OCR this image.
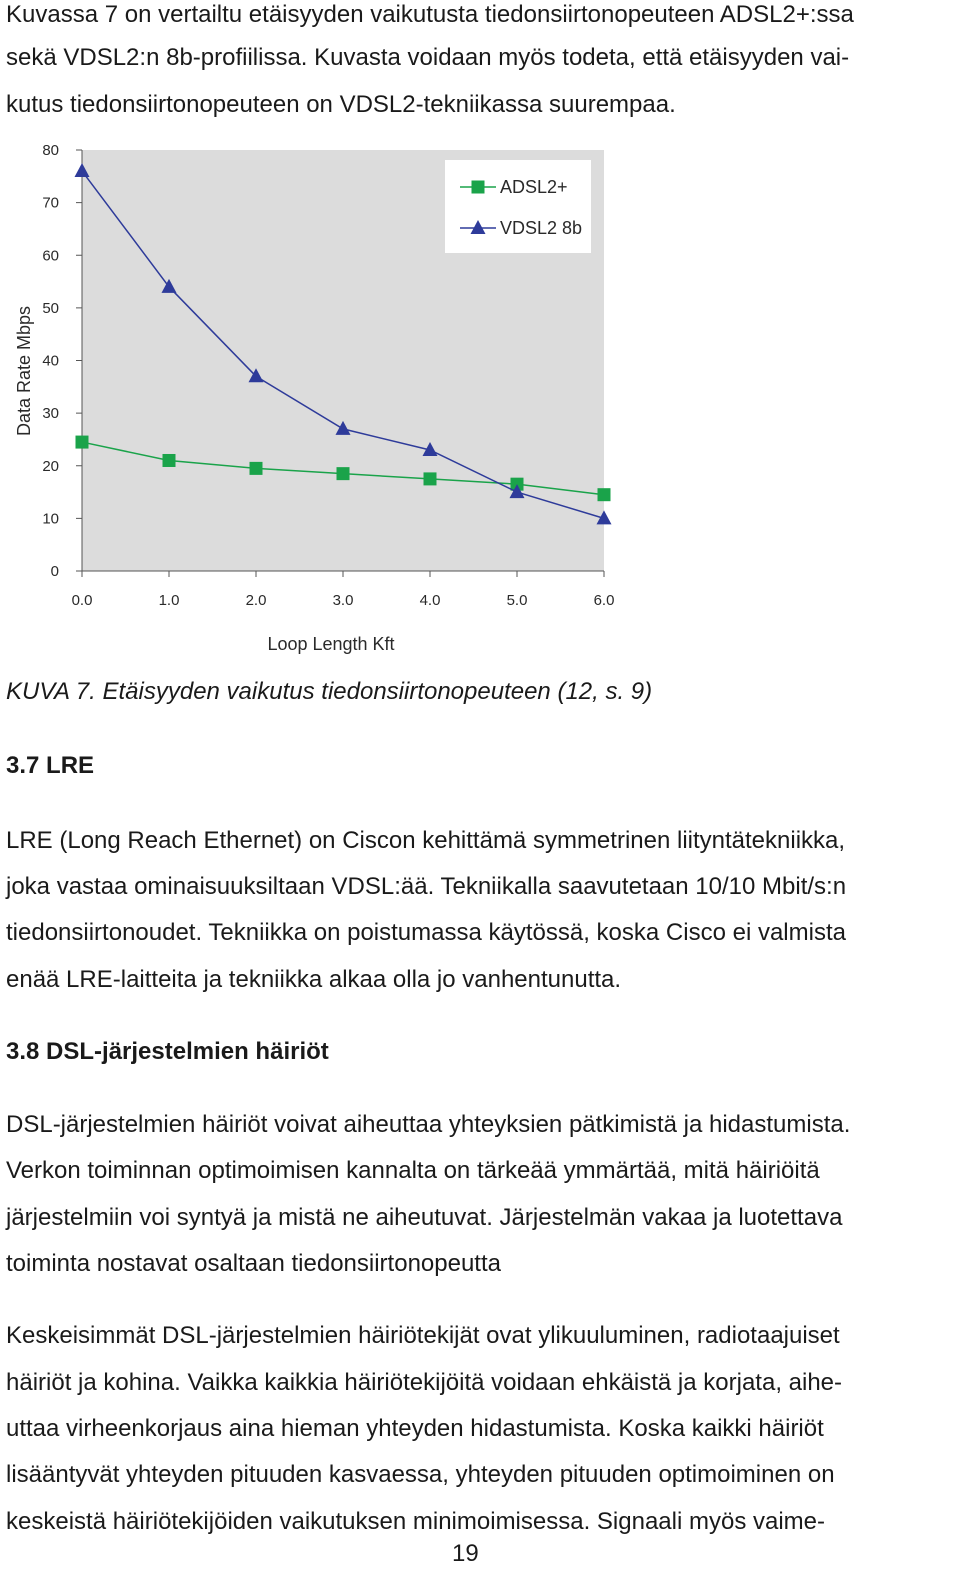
Kuvassa 7 on vertailtu etäisyyden vaikutusta tiedonsiirtonopeuteen ADSL2+:ssa
sekä VDSL2:n 8b-profiilissa. Kuvasta voidaan myös todeta, että etäisyyden vai-
kutus tiedonsiirtonopeuteen on VDSL2-tekniikassa suurempaa.
0
10
20
30
40
50
60
70
80
0.0	1.0	2.0	3.0	4.0	5.0	6.0
ADSL2+
VDSL2 8b
Loop Length Kft
Data Rate Mbps
KUVA 7. Etäisyyden vaikutus tiedonsiirtonopeuteen (12, s. 9)
3.7 LRE
LRE (Long Reach Ethernet) on Ciscon kehittämä symmetrinen liityntätekniikka,
joka vastaa ominaisuuksiltaan VDSL:ää. Tekniikalla saavutetaan 10/10 Mbit/s:n
tiedonsiirtonoudet. Tekniikka on poistumassa käytössä, koska Cisco ei valmista
enää LRE-laitteita ja tekniikka alkaa olla jo vanhentunutta.
3.8 DSL-järjestelmien häiriöt
DSL-järjestelmien häiriöt voivat aiheuttaa yhteyksien pätkimistä ja hidastumista.
Verkon toiminnan optimoimisen kannalta on tärkeää ymmärtää, mitä häiriöitä
järjestelmiin voi syntyä ja mistä ne aiheutuvat. Järjestelmän vakaa ja luotettava
toiminta nostavat osaltaan tiedonsiirtonopeutta
Keskeisimmät DSL-järjestelmien häiriötekijät ovat ylikuuluminen, radiotaajuiset
häiriöt ja kohina. Vaikka kaikkia häiriötekijöitä voidaan ehkäistä ja korjata, aihe-
uttaa virheenkorjaus aina hieman yhteyden hidastumista. Koska kaikki häiriöt
lisääntyvät yhteyden pituuden kasvaessa, yhteyden pituuden optimoiminen on
keskeistä häiriötekijöiden vaikutuksen minimoimisessa. Signaali myös vaime-
19
